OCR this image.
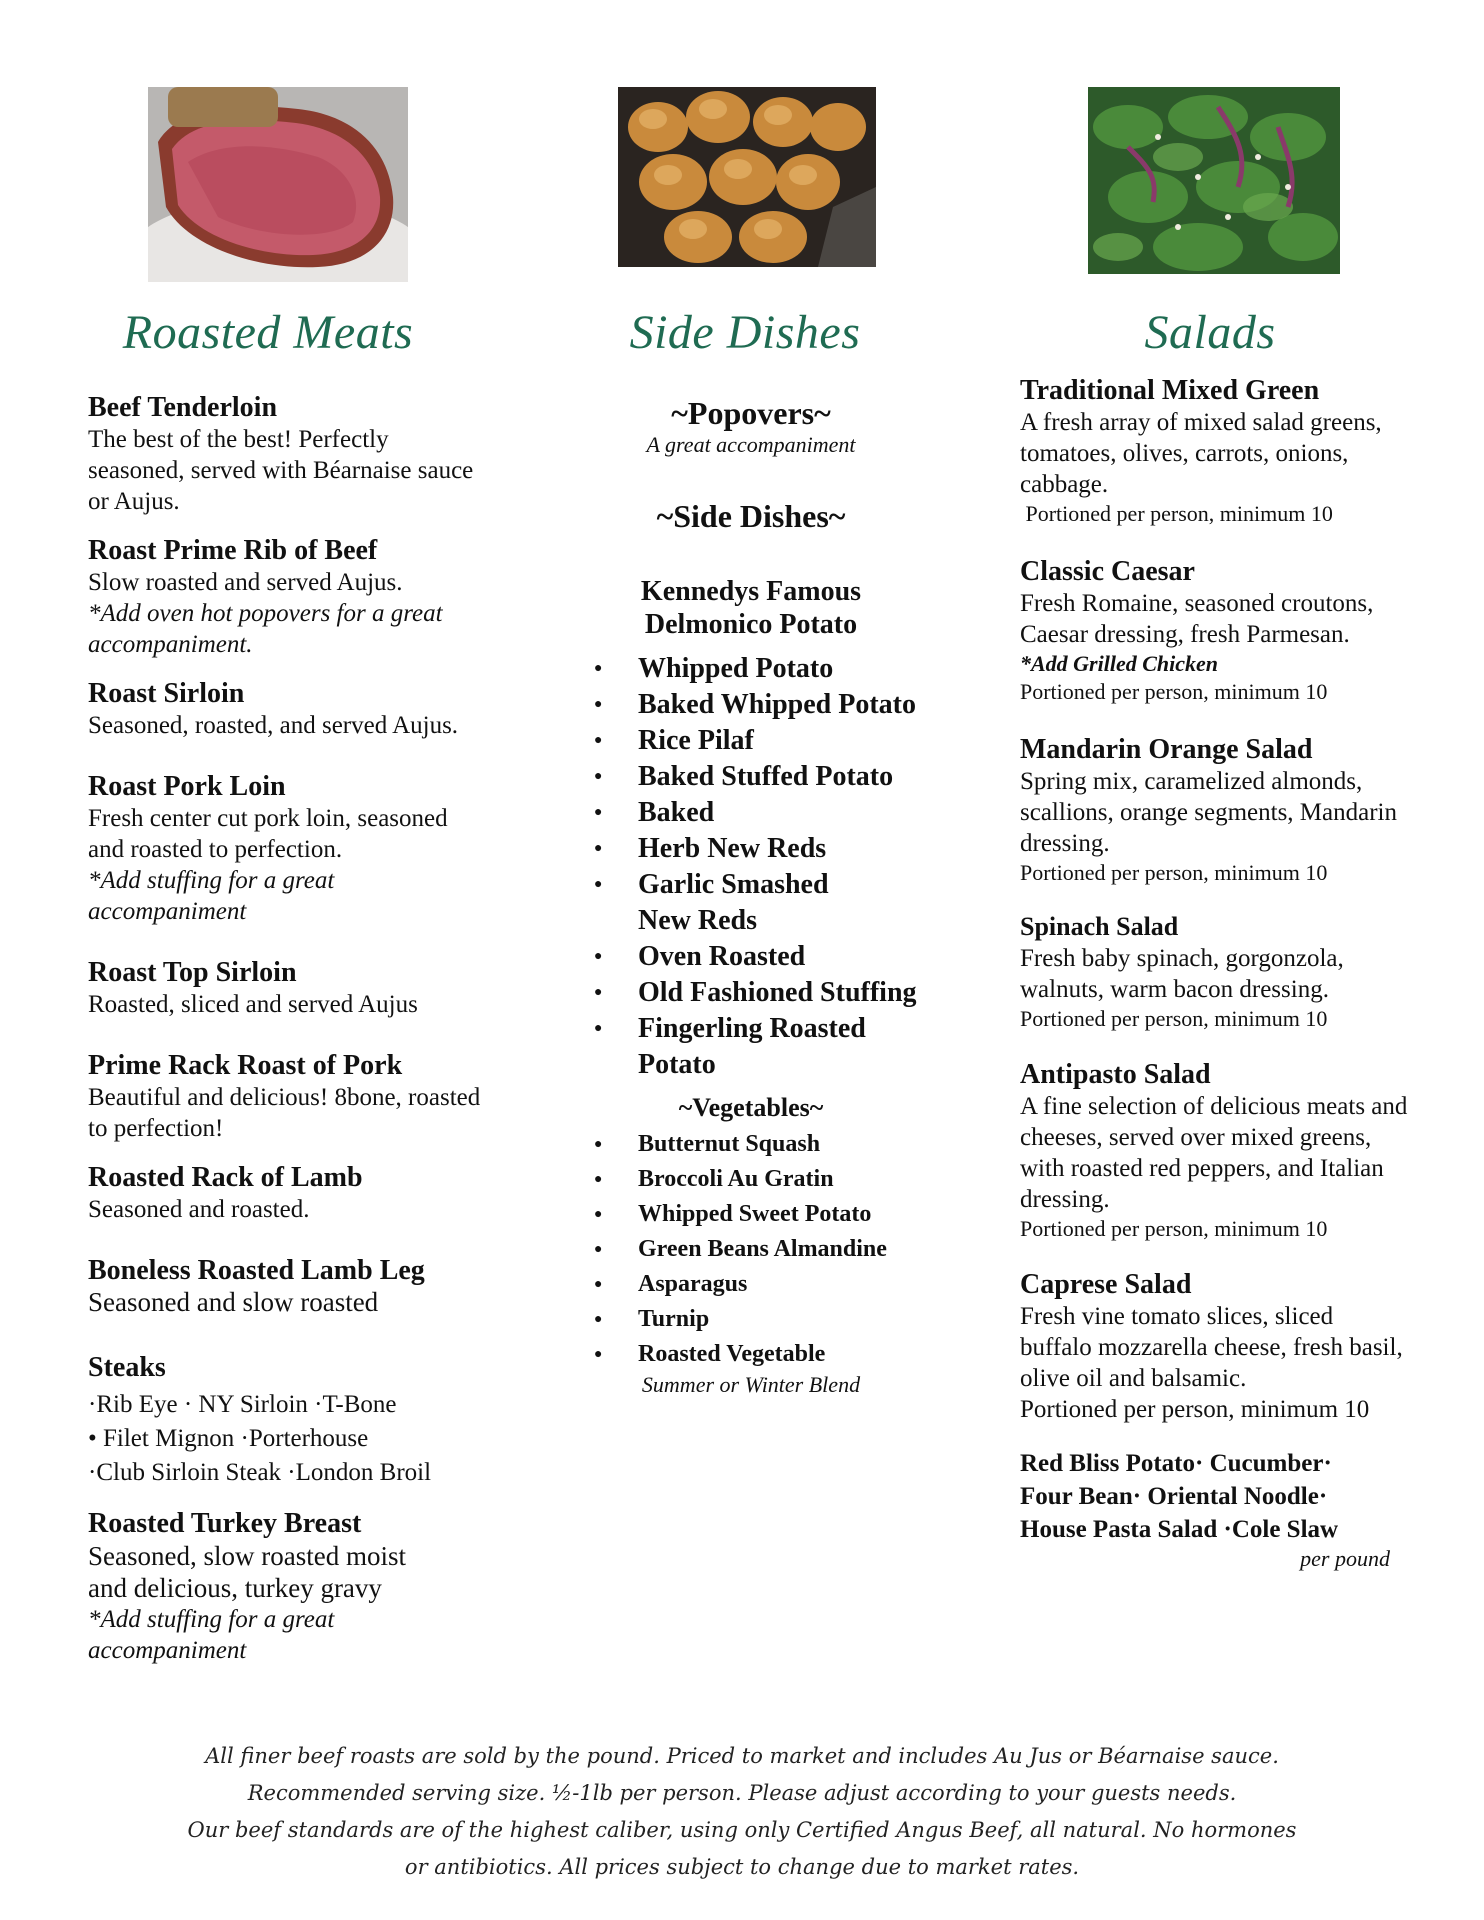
Roasted Meats	Side Dishes	Salads
Beef Tenderloin
The best of the best! Perfectly seasoned, served with Béarnaise sauce or Aujus.
Roast Prime Rib of Beef
Slow roasted and served Aujus.
*Add oven hot popovers for a great accompaniment.
Roast Sirloin
Seasoned, roasted, and served Aujus.
Roast Pork Loin
Fresh center cut pork loin, seasoned and roasted to perfection.
*Add stuffing for a great accompaniment
Roast Top Sirloin
Roasted, sliced and served Aujus
Prime Rack Roast of Pork
Beautiful and delicious! 8bone, roasted to perfection!
Roasted Rack of Lamb
Seasoned and roasted.
Boneless Roasted Lamb Leg
Seasoned and slow roasted
Steaks
·Rib Eye · NY Sirloin ·T-Bone
• Filet Mignon ·Porterhouse
·Club Sirloin Steak ·London Broil
Roasted Turkey Breast
Seasoned, slow roasted moist and delicious, turkey gravy
*Add stuffing for a great accompaniment
~Popovers~
A great accompaniment
~Side Dishes~
Kennedys Famous Delmonico Potato
● Whipped Potato
● Baked Whipped Potato
● Rice Pilaf
● Baked Stuffed Potato
● Baked
● Herb New Reds
● Garlic Smashed New Reds
● Oven Roasted
● Old Fashioned Stuffing
● Fingerling Roasted Potato
~Vegetables~
● Butternut Squash
● Broccoli Au Gratin
● Whipped Sweet Potato
● Green Beans Almandine
● Asparagus
● Turnip
● Roasted Vegetable
Summer or Winter Blend
Traditional Mixed Green
A fresh array of mixed salad greens, tomatoes, olives, carrots, onions, cabbage.
Portioned per person, minimum 10
Classic Caesar
Fresh Romaine, seasoned croutons, Caesar dressing, fresh Parmesan.
*Add Grilled Chicken
Portioned per person, minimum 10
Mandarin Orange Salad
Spring mix, caramelized almonds, scallions, orange segments, Mandarin dressing.
Portioned per person, minimum 10
Spinach Salad
Fresh baby spinach, gorgonzola, walnuts, warm bacon dressing.
Portioned per person, minimum 10
Antipasto Salad
A fine selection of delicious meats and cheeses, served over mixed greens, with roasted red peppers, and Italian dressing.
Portioned per person, minimum 10
Caprese Salad
Fresh vine tomato slices, sliced buffalo mozzarella cheese, fresh basil, olive oil and balsamic.
Portioned per person, minimum 10
Red Bliss Potato· Cucumber·
Four Bean· Oriental Noodle·
House Pasta Salad ·Cole Slaw
per pound
All finer beef roasts are sold by the pound. Priced to market and includes Au Jus or Béarnaise sauce.
Recommended serving size. ½-1lb per person. Please adjust according to your guests needs.
Our beef standards are of the highest caliber, using only Certified Angus Beef, all natural. No hormones
or antibiotics. All prices subject to change due to market rates.
